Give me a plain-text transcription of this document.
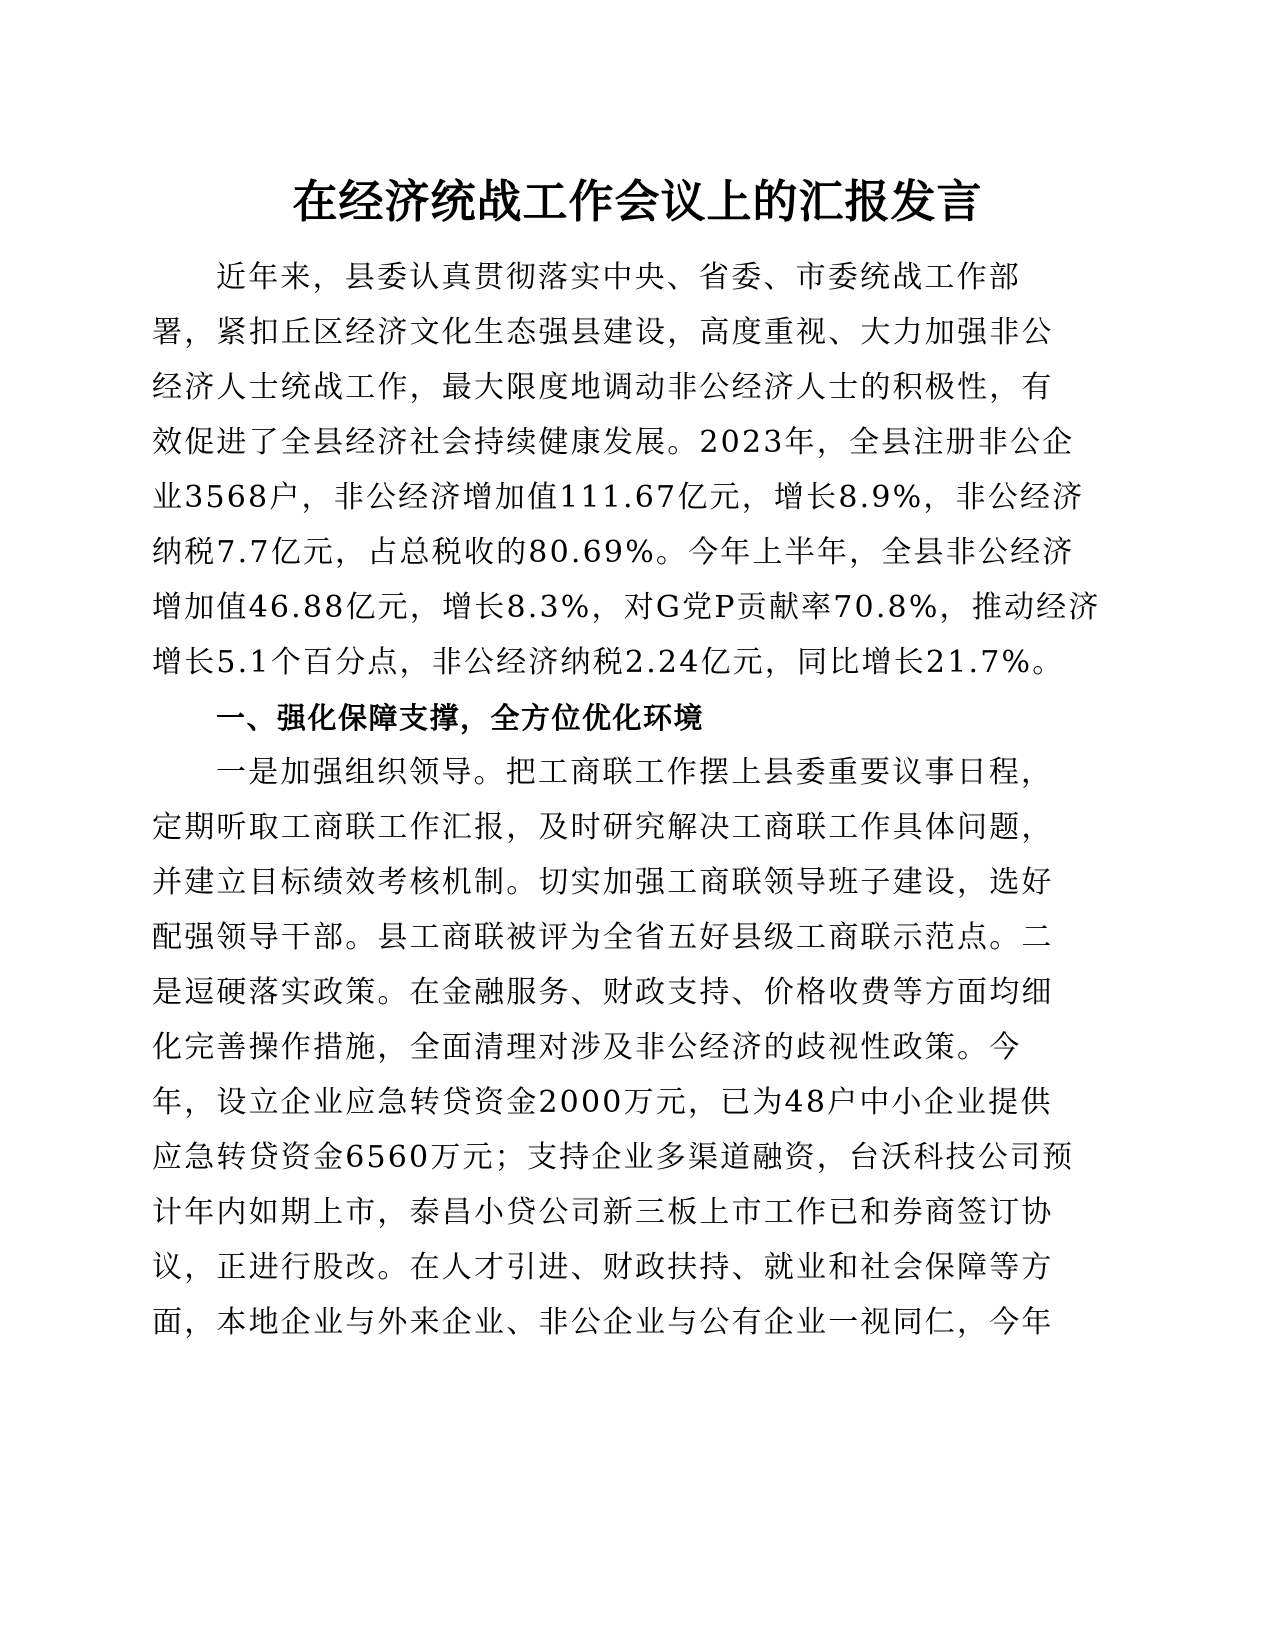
在经济统战工作会议上的汇报发言

近年来，县委认真贯彻落实中央、省委、市委统战工作部

署，紧扣丘区经济文化生态强县建设，高度重视、大力加强非公

经济人士统战工作，最大限度地调动非公经济人士的积极性，有

效促进了全县经济社会持续健康发展。2023年，全县注册非公企

业3568户，非公经济增加值111.67亿元，增长8.9%，非公经济

纳税7.7亿元，占总税收的80.69%。今年上半年，全县非公经济

增加值46.88亿元，增长8.3%，对G党P贡献率70.8%，推动经济

增长5.1个百分点，非公经济纳税2.24亿元，同比增长21.7%。

一、强化保障支撑，全方位优化环境

一是加强组织领导。把工商联工作摆上县委重要议事日程，

定期听取工商联工作汇报，及时研究解决工商联工作具体问题，

并建立目标绩效考核机制。切实加强工商联领导班子建设，选好

配强领导干部。县工商联被评为全省五好县级工商联示范点。二

是逗硬落实政策。在金融服务、财政支持、价格收费等方面均细

化完善操作措施，全面清理对涉及非公经济的歧视性政策。今

年，设立企业应急转贷资金2000万元，已为48户中小企业提供

应急转贷资金6560万元；支持企业多渠道融资，台沃科技公司预

计年内如期上市，泰昌小贷公司新三板上市工作已和券商签订协

议，正进行股改。在人才引进、财政扶持、就业和社会保障等方

面，本地企业与外来企业、非公企业与公有企业一视同仁，今年
